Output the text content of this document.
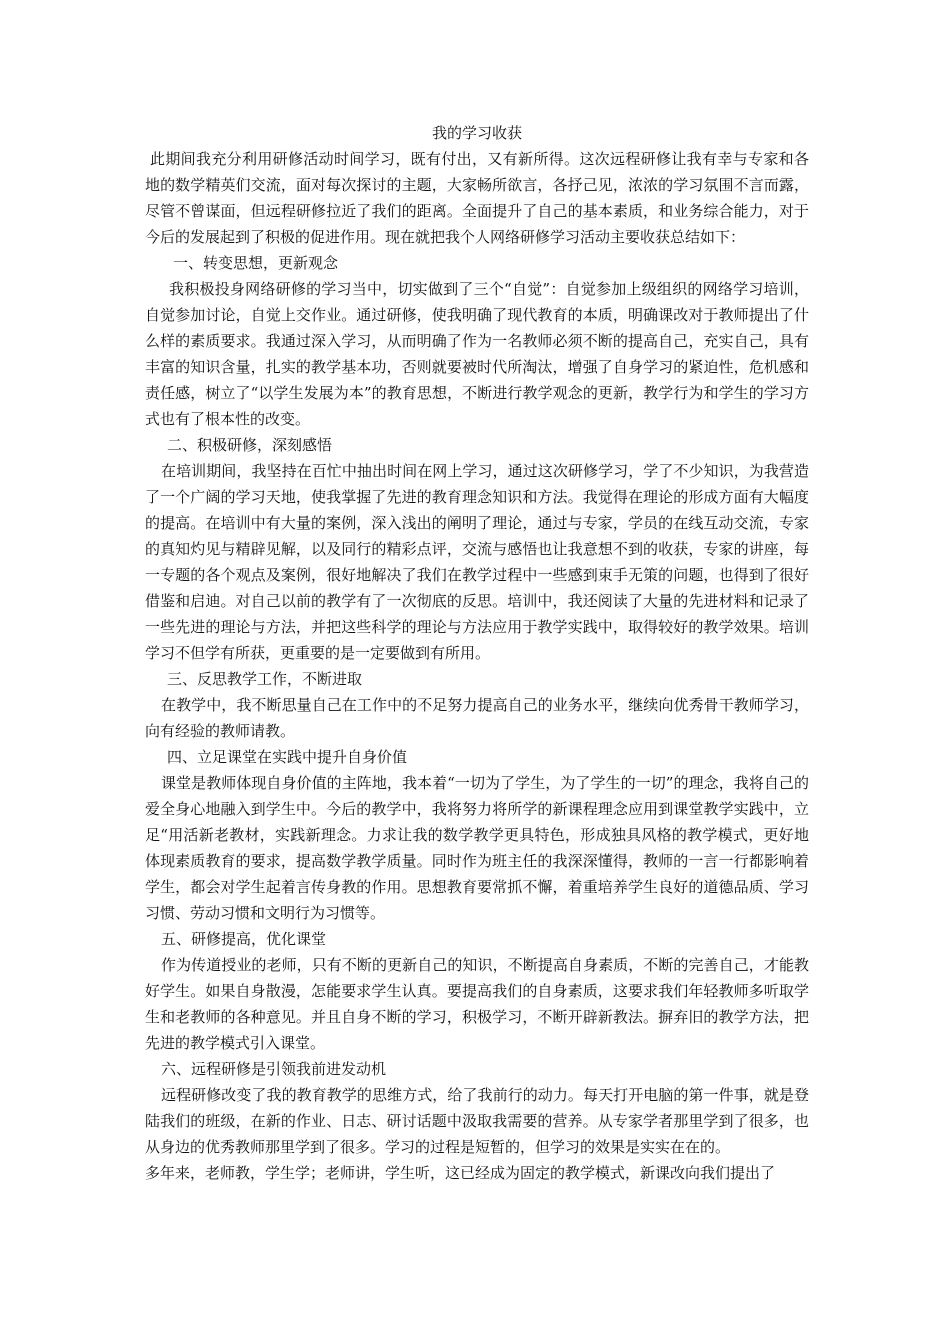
我的学习收获

此期间我充分利用研修活动时间学习，既有付出，又有新所得。这次远程研修让我有幸与专家和各地的数学精英们交流，面对每次探讨的主题，大家畅所欲言，各抒己见，浓浓的学习氛围不言而露，尽管不曾谋面，但远程研修拉近了我们的距离。全面提升了自己的基本素质，和业务综合能力，对于今后的发展起到了积极的促进作用。现在就把我个人网络研修学习活动主要收获总结如下：

一、转变思想，更新观念

我积极投身网络研修的学习当中，切实做到了三个“自觉”：自觉参加上级组织的网络学习培训，自觉参加讨论，自觉上交作业。通过研修，使我明确了现代教育的本质，明确课改对于教师提出了什么样的素质要求。我通过深入学习，从而明确了作为一名教师必须不断的提高自己，充实自己，具有丰富的知识含量，扎实的教学基本功，否则就要被时代所淘汰，增强了自身学习的紧迫性，危机感和责任感，树立了“以学生发展为本”的教育思想，不断进行教学观念的更新，教学行为和学生的学习方式也有了根本性的改变。

二、积极研修，深刻感悟

在培训期间，我坚持在百忙中抽出时间在网上学习，通过这次研修学习，学了不少知识，为我营造了一个广阔的学习天地，使我掌握了先进的教育理念知识和方法。我觉得在理论的形成方面有大幅度的提高。在培训中有大量的案例，深入浅出的阐明了理论，通过与专家，学员的在线互动交流，专家的真知灼见与精辟见解，以及同行的精彩点评，交流与感悟也让我意想不到的收获，专家的讲座，每一专题的各个观点及案例，很好地解决了我们在教学过程中一些感到束手无策的问题，也得到了很好借鉴和启迪。对自己以前的教学有了一次彻底的反思。培训中，我还阅读了大量的先进材料和记录了一些先进的理论与方法，并把这些科学的理论与方法应用于教学实践中，取得较好的教学效果。培训学习不但学有所获，更重要的是一定要做到有所用。

三、反思教学工作，不断进取

在教学中，我不断思量自己在工作中的不足努力提高自己的业务水平，继续向优秀骨干教师学习，向有经验的教师请教。

四、立足课堂在实践中提升自身价值

课堂是教师体现自身价值的主阵地，我本着“一切为了学生，为了学生的一切”的理念，我将自己的爱全身心地融入到学生中。今后的教学中，我将努力将所学的新课程理念应用到课堂教学实践中，立足“用活新老教材，实践新理念。力求让我的数学教学更具特色，形成独具风格的教学模式，更好地体现素质教育的要求，提高数学教学质量。同时作为班主任的我深深懂得，教师的一言一行都影响着学生，都会对学生起着言传身教的作用。思想教育要常抓不懈，着重培养学生良好的道德品质、学习习惯、劳动习惯和文明行为习惯等。

五、研修提高，优化课堂

作为传道授业的老师，只有不断的更新自己的知识，不断提高自身素质，不断的完善自己，才能教好学生。如果自身散漫，怎能要求学生认真。要提高我们的自身素质，这要求我们年轻教师多听取学生和老教师的各种意见。并且自身不断的学习，积极学习，不断开辟新教法。摒弃旧的教学方法，把先进的教学模式引入课堂。

六、远程研修是引领我前进发动机

远程研修改变了我的教育教学的思维方式，给了我前行的动力。每天打开电脑的第一件事，就是登陆我们的班级，在新的作业、日志、研讨话题中汲取我需要的营养。从专家学者那里学到了很多，也从身边的优秀教师那里学到了很多。学习的过程是短暂的，但学习的效果是实实在在的。

多年来，老师教，学生学；老师讲，学生听，这已经成为固定的教学模式，新课改向我们提出了
